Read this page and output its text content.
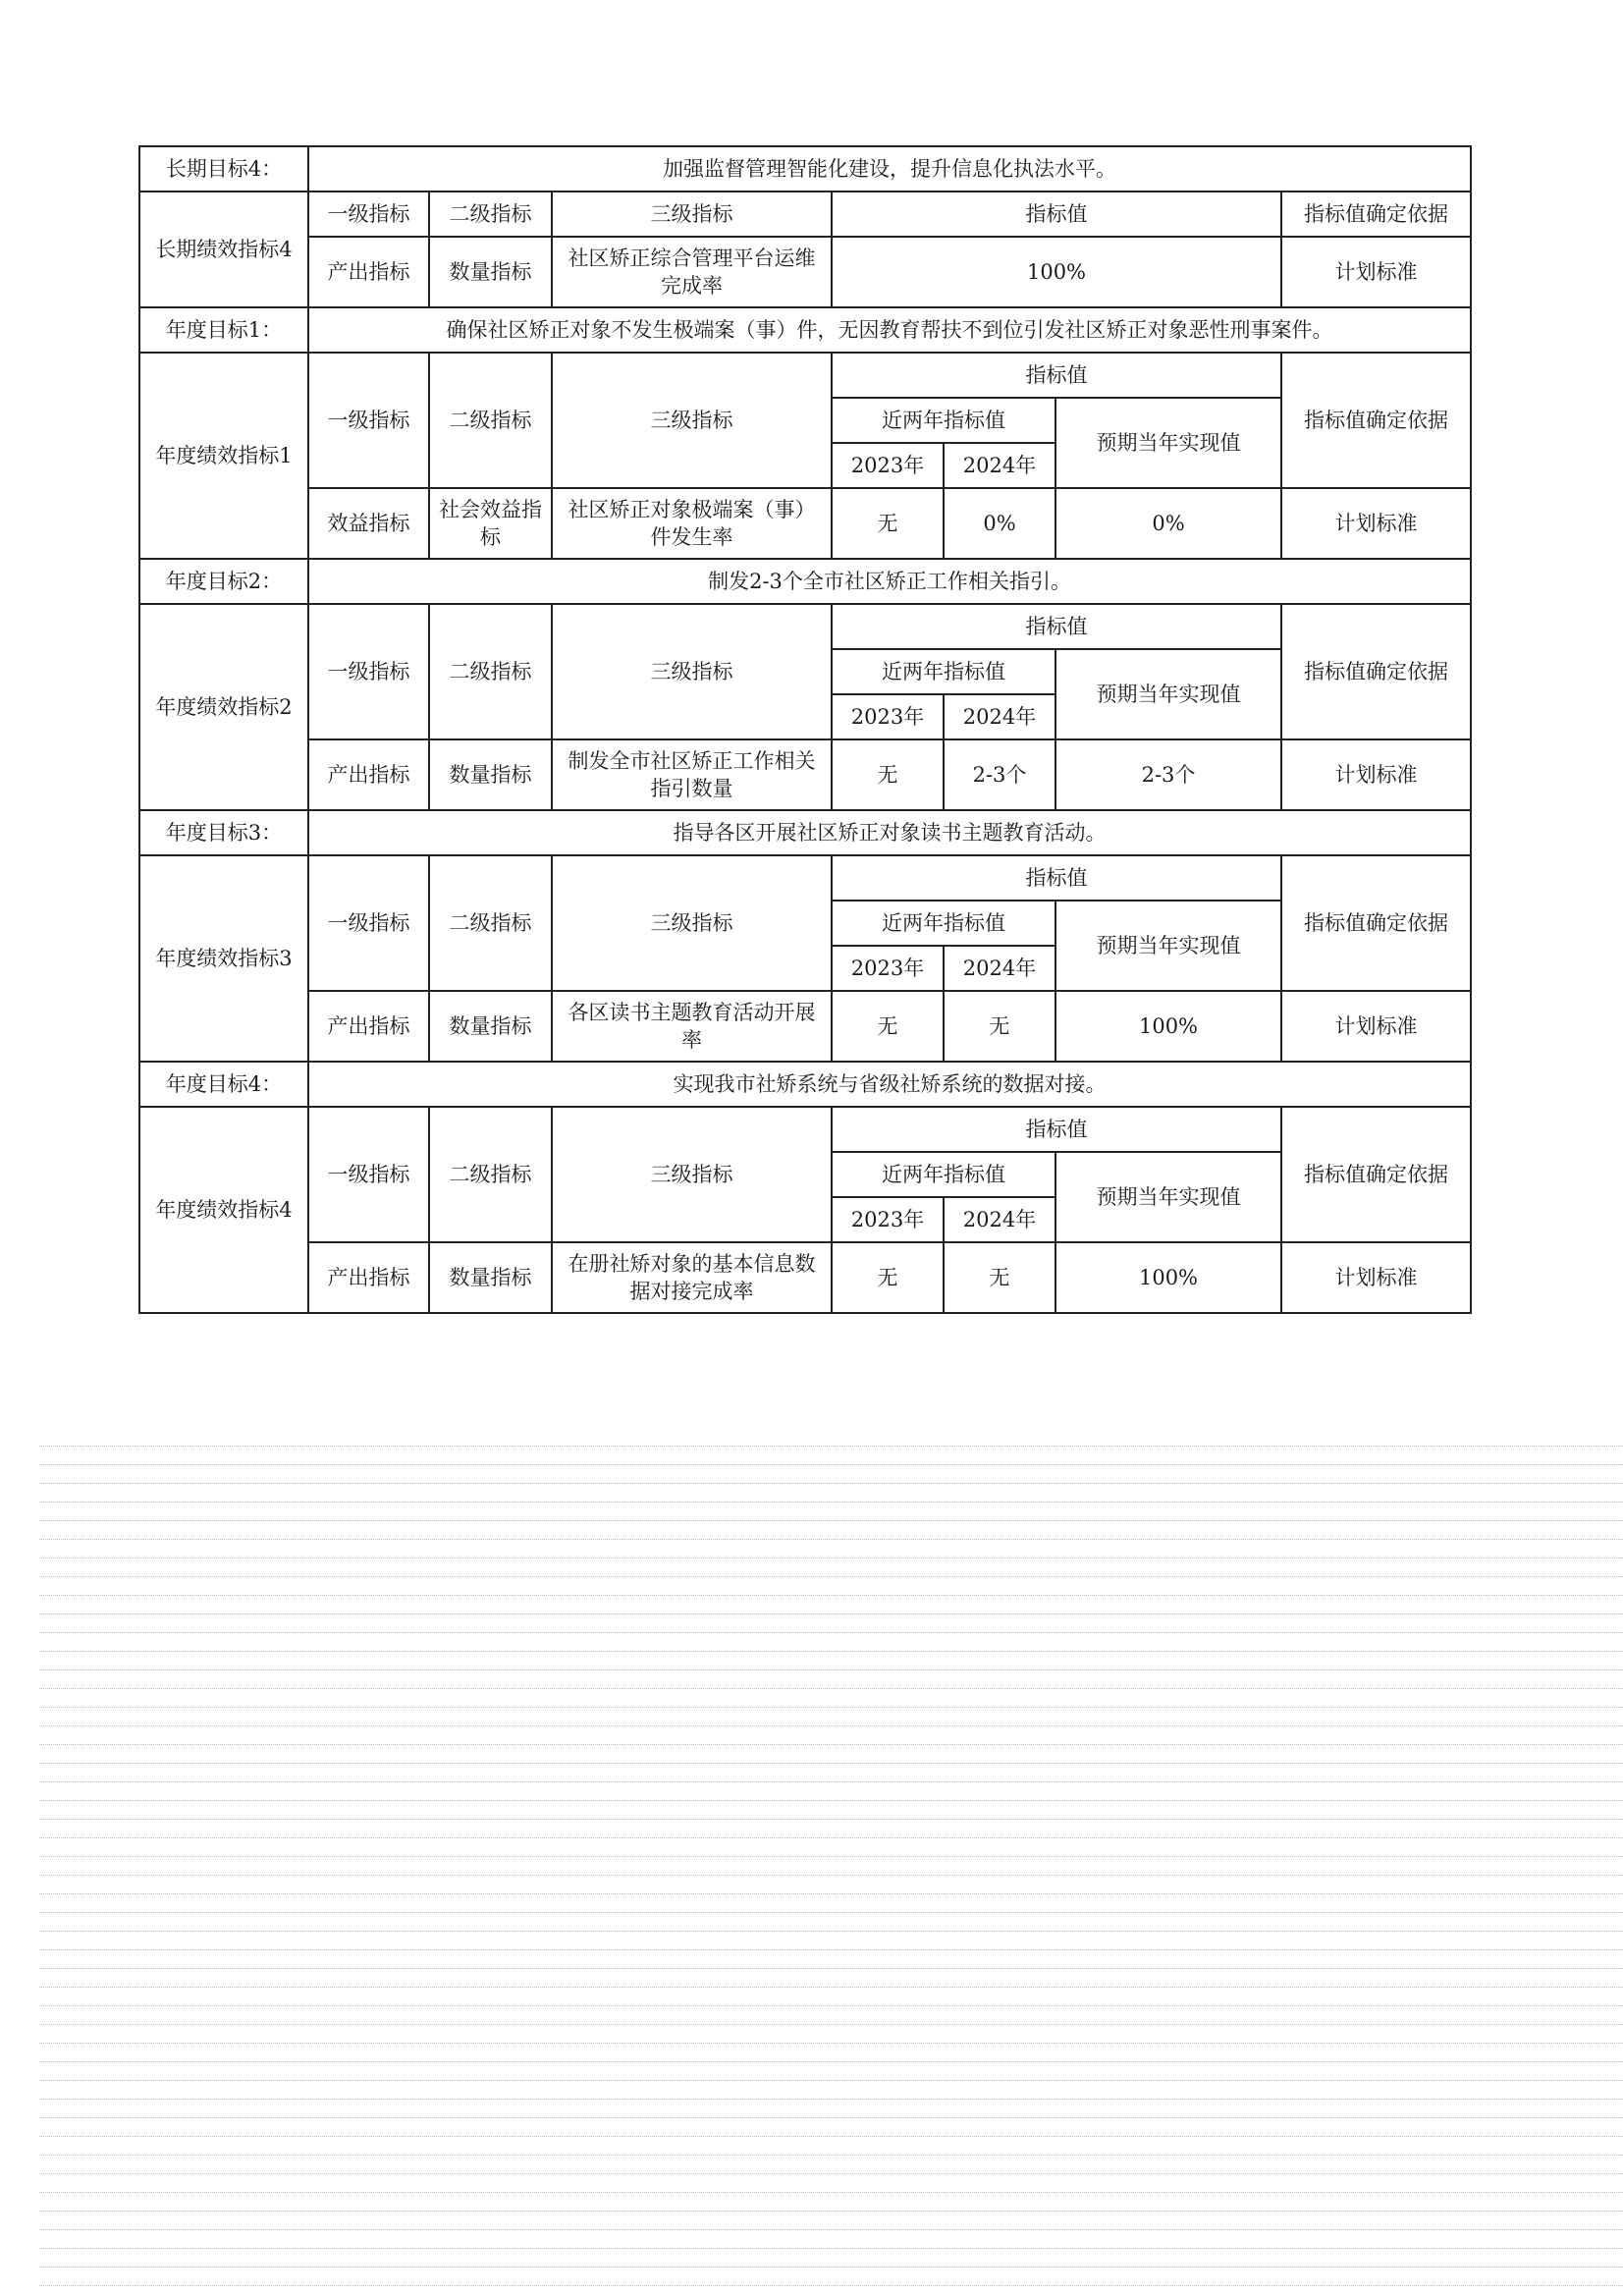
长期目标4：	加强监督管理智能化建设，提升信息化执法水平。						
长期绩效指标4	一级指标	二级指标	三级指标	指标值			指标值确定依据
	产出指标	数量指标	社区矫正综合管理平台运维完成率	100%			计划标准
年度目标1：	确保社区矫正对象不发生极端案（事）件，无因教育帮扶不到位引发社区矫正对象恶性刑事案件。						
年度绩效指标1	一级指标	二级指标	三级指标	指标值			指标值确定依据
				近两年指标值		预期当年实现值	
				2023年	2024年		
	效益指标	社会效益指标	社区矫正对象极端案（事）件发生率	无	0%	0%	计划标准
年度目标2：	制发2-3个全市社区矫正工作相关指引。						
年度绩效指标2	一级指标	二级指标	三级指标	指标值			指标值确定依据
				近两年指标值		预期当年实现值	
				2023年	2024年		
	产出指标	数量指标	制发全市社区矫正工作相关指引数量	无	2-3个	2-3个	计划标准
年度目标3：	指导各区开展社区矫正对象读书主题教育活动。						
年度绩效指标3	一级指标	二级指标	三级指标	指标值			指标值确定依据
				近两年指标值		预期当年实现值	
				2023年	2024年		
	产出指标	数量指标	各区读书主题教育活动开展率	无	无	100%	计划标准
年度目标4：	实现我市社矫系统与省级社矫系统的数据对接。						
年度绩效指标4	一级指标	二级指标	三级指标	指标值			指标值确定依据
				近两年指标值		预期当年实现值	
				2023年	2024年		
	产出指标	数量指标	在册社矫对象的基本信息数据对接完成率	无	无	100%	计划标准
